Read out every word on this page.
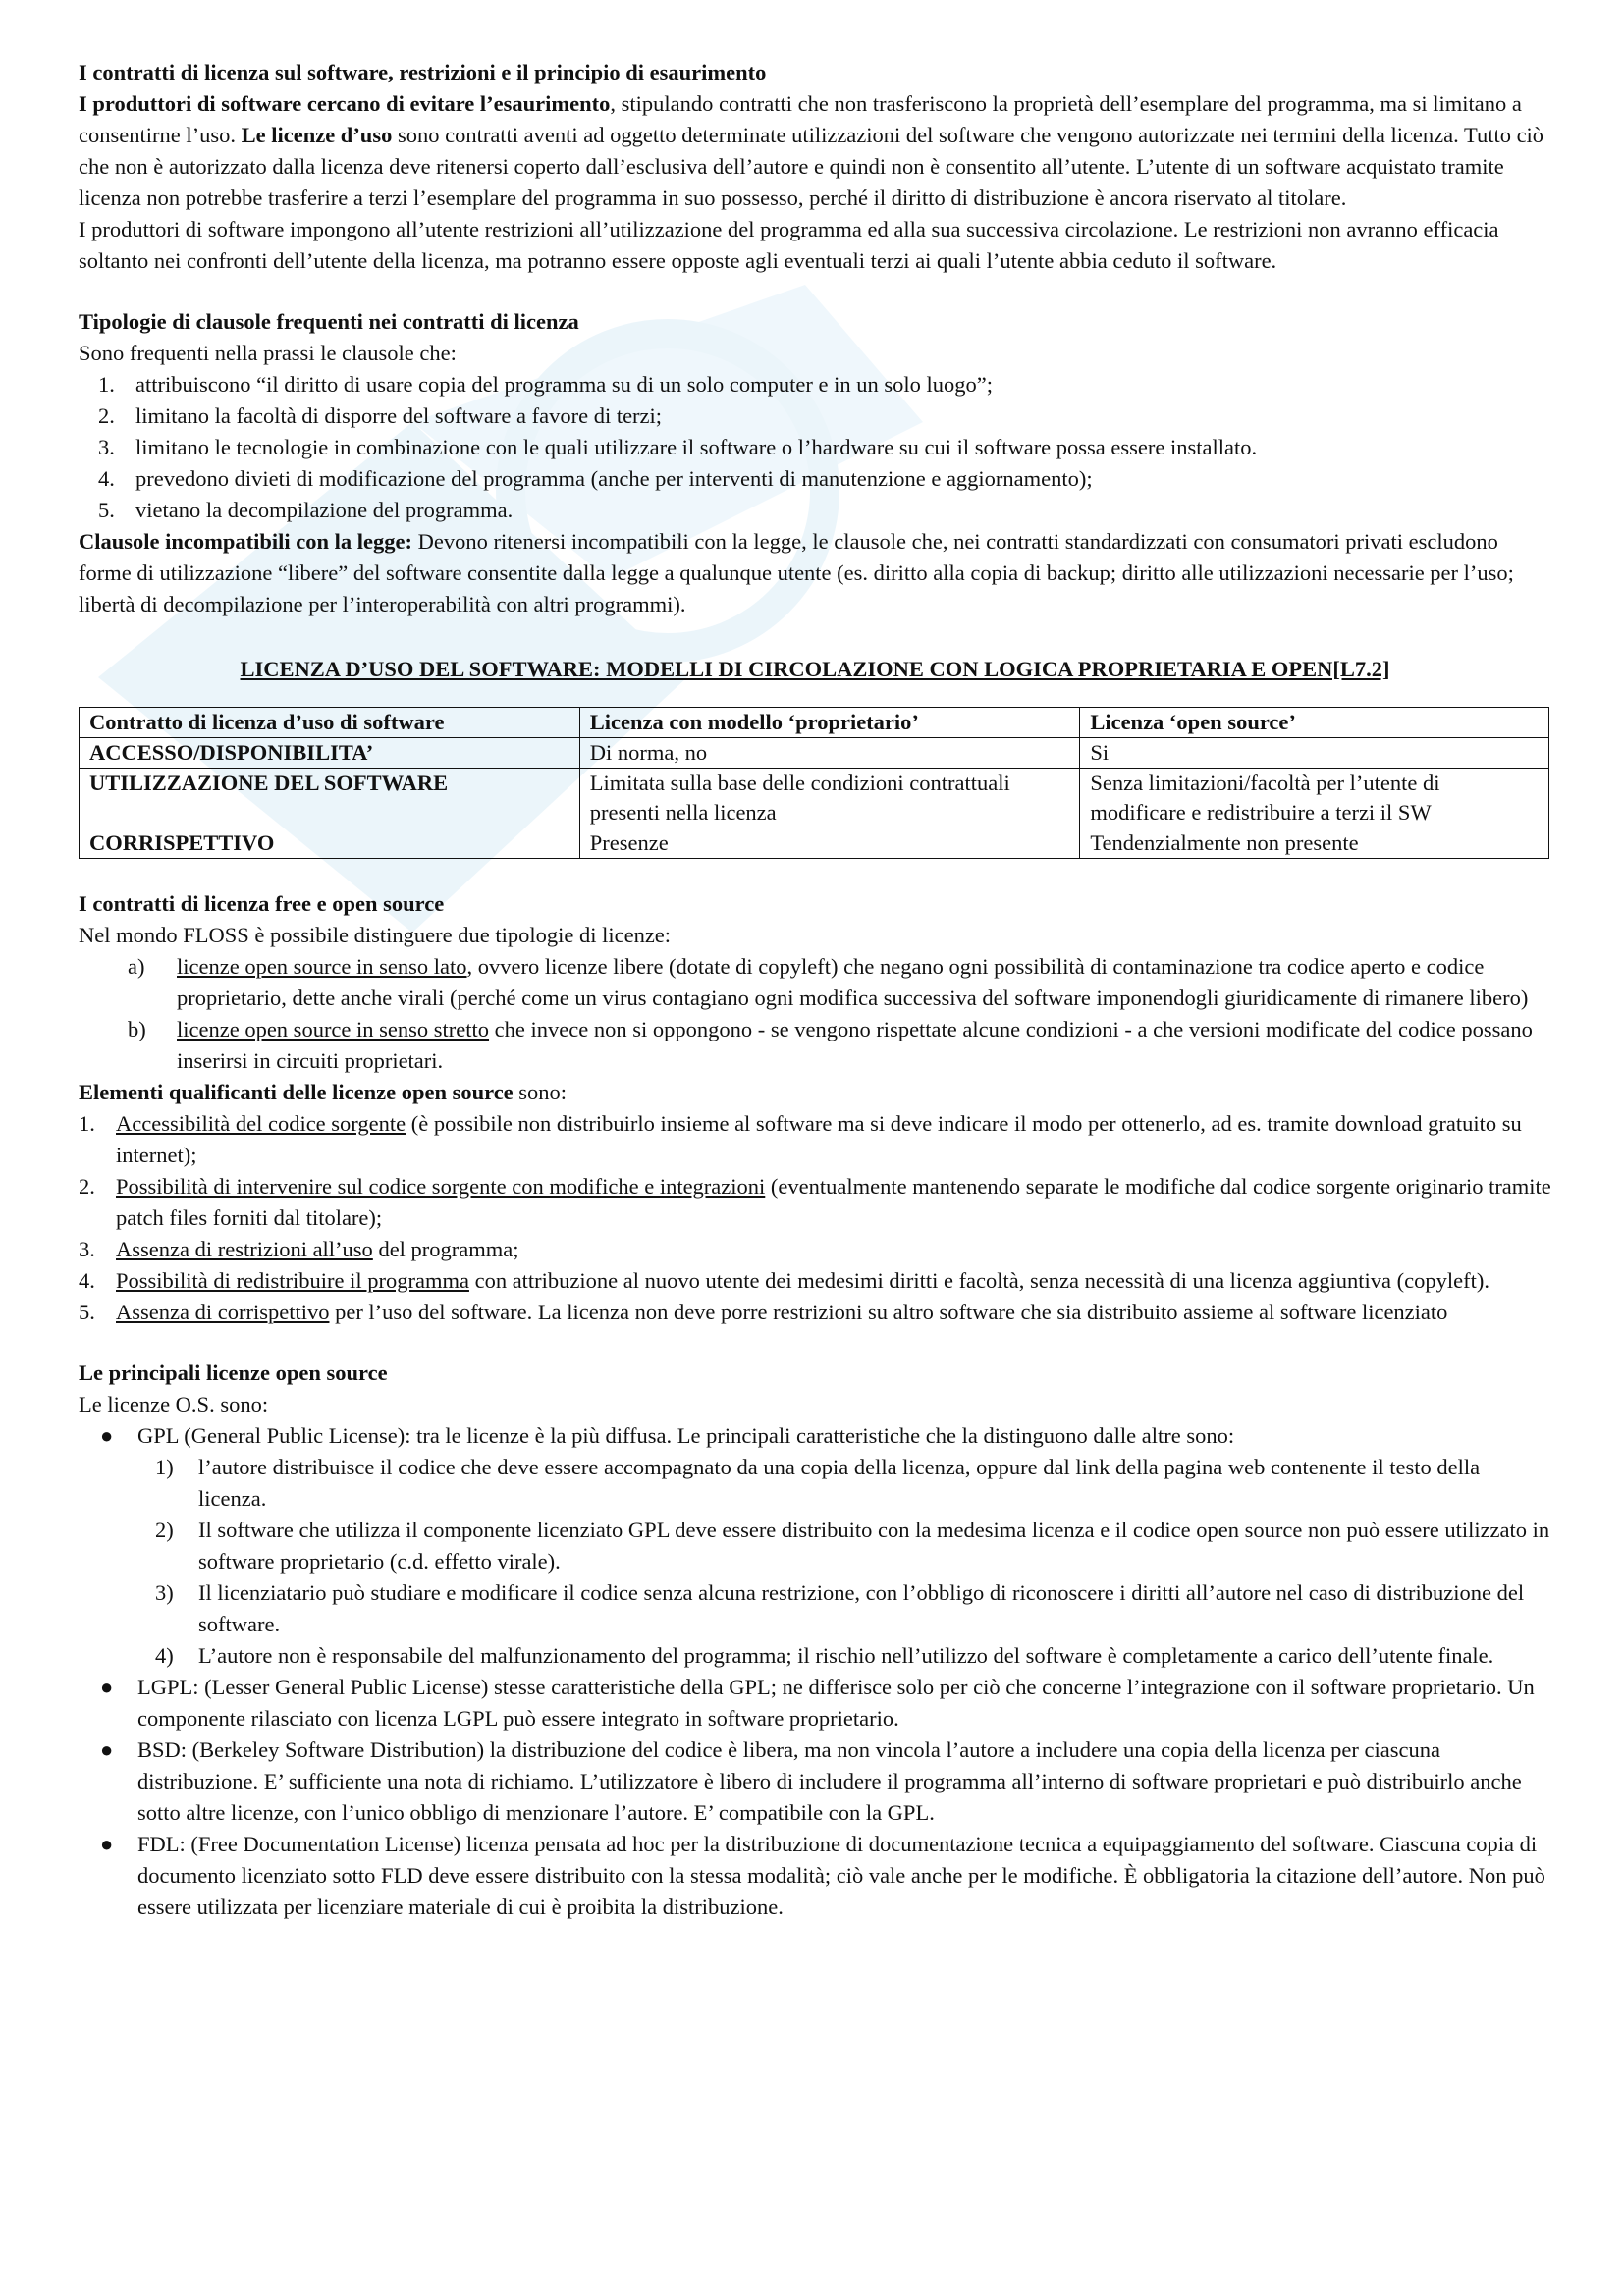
I contratti di licenza sul software, restrizioni e il principio di esaurimento

I produttori di software cercano di evitare l’esaurimento, stipulando contratti che non trasferiscono la proprietà dell’esemplare del programma, ma si limitano a consentirne l’uso. Le licenze d’uso sono contratti aventi ad oggetto determinate utilizzazioni del software che vengono autorizzate nei termini della licenza. Tutto ciò che non è autorizzato dalla licenza deve ritenersi coperto dall’esclusiva dell’autore e quindi non è consentito all’utente. L’utente di un software acquistato tramite licenza non potrebbe trasferire a terzi l’esemplare del programma in suo possesso, perché il diritto di distribuzione è ancora riservato al titolare.

I produttori di software impongono all’utente restrizioni all’utilizzazione del programma ed alla sua successiva circolazione. Le restrizioni non avranno efficacia soltanto nei confronti dell’utente della licenza, ma potranno essere opposte agli eventuali terzi ai quali l’utente abbia ceduto il software.

Tipologie di clausole frequenti nei contratti di licenza

Sono frequenti nella prassi le clausole che:

1. attribuiscono “il diritto di usare copia del programma su di un solo computer e in un solo luogo”;
2. limitano la facoltà di disporre del software a favore di terzi;
3. limitano le tecnologie in combinazione con le quali utilizzare il software o l’hardware su cui il software possa essere installato.
4. prevedono divieti di modificazione del programma (anche per interventi di manutenzione e aggiornamento);
5. vietano la decompilazione del programma.

Clausole incompatibili con la legge: Devono ritenersi incompatibili con la legge, le clausole che, nei contratti standardizzati con consumatori privati escludono forme di utilizzazione “libere” del software consentite dalla legge a qualunque utente (es. diritto alla copia di backup; diritto alle utilizzazioni necessarie per l’uso; libertà di decompilazione per l’interoperabilità con altri programmi).

LICENZA D’USO DEL SOFTWARE: MODELLI DI CIRCOLAZIONE CON LOGICA PROPRIETARIA E OPEN[L7.2]

Contratto di licenza d’uso di software	Licenza con modello ‘proprietario’	Licenza ‘open source’
ACCESSO/DISPONIBILITA’	Di norma, no	Si
UTILIZZAZIONE DEL SOFTWARE	Limitata sulla base delle condizioni contrattuali presenti nella licenza	Senza limitazioni/facoltà per l’utente di modificare e redistribuire a terzi il SW
CORRISPETTIVO	Presenze	Tendenzialmente non presente

I contratti di licenza free e open source

Nel mondo FLOSS è possibile distinguere due tipologie di licenze:

a) licenze open source in senso lato, ovvero licenze libere (dotate di copyleft) che negano ogni possibilità di contaminazione tra codice aperto e codice proprietario, dette anche virali (perché come un virus contagiano ogni modifica successiva del software imponendogli giuridicamente di rimanere libero)
b) licenze open source in senso stretto che invece non si oppongono - se vengono rispettate alcune condizioni - a che versioni modificate del codice possano inserirsi in circuiti proprietari.

Elementi qualificanti delle licenze open source sono:

1. Accessibilità del codice sorgente (è possibile non distribuirlo insieme al software ma si deve indicare il modo per ottenerlo, ad es. tramite download gratuito su internet);
2. Possibilità di intervenire sul codice sorgente con modifiche e integrazioni (eventualmente mantenendo separate le modifiche dal codice sorgente originario tramite patch files forniti dal titolare);
3. Assenza di restrizioni all’uso del programma;
4. Possibilità di redistribuire il programma con attribuzione al nuovo utente dei medesimi diritti e facoltà, senza necessità di una licenza aggiuntiva (copyleft).
5. Assenza di corrispettivo per l’uso del software. La licenza non deve porre restrizioni su altro software che sia distribuito assieme al software licenziato

Le principali licenze open source

Le licenze O.S. sono:

● GPL (General Public License): tra le licenze è la più diffusa. Le principali caratteristiche che la distinguono dalle altre sono:
1) l’autore distribuisce il codice che deve essere accompagnato da una copia della licenza, oppure dal link della pagina web contenente il testo della licenza.
2) Il software che utilizza il componente licenziato GPL deve essere distribuito con la medesima licenza e il codice open source non può essere utilizzato in software proprietario (c.d. effetto virale).
3) Il licenziatario può studiare e modificare il codice senza alcuna restrizione, con l’obbligo di riconoscere i diritti all’autore nel caso di distribuzione del software.
4) L’autore non è responsabile del malfunzionamento del programma; il rischio nell’utilizzo del software è completamente a carico dell’utente finale.
● LGPL: (Lesser General Public License) stesse caratteristiche della GPL; ne differisce solo per ciò che concerne l’integrazione con il software proprietario. Un componente rilasciato con licenza LGPL può essere integrato in software proprietario.
● BSD: (Berkeley Software Distribution) la distribuzione del codice è libera, ma non vincola l’autore a includere una copia della licenza per ciascuna distribuzione. E’ sufficiente una nota di richiamo. L’utilizzatore è libero di includere il programma all’interno di software proprietari e può distribuirlo anche sotto altre licenze, con l’unico obbligo di menzionare l’autore. E’ compatibile con la GPL.
● FDL: (Free Documentation License) licenza pensata ad hoc per la distribuzione di documentazione tecnica a equipaggiamento del software. Ciascuna copia di documento licenziato sotto FLD deve essere distribuito con la stessa modalità; ciò vale anche per le modifiche. È obbligatoria la citazione dell’autore. Non può essere utilizzata per licenziare materiale di cui è proibita la distribuzione.
